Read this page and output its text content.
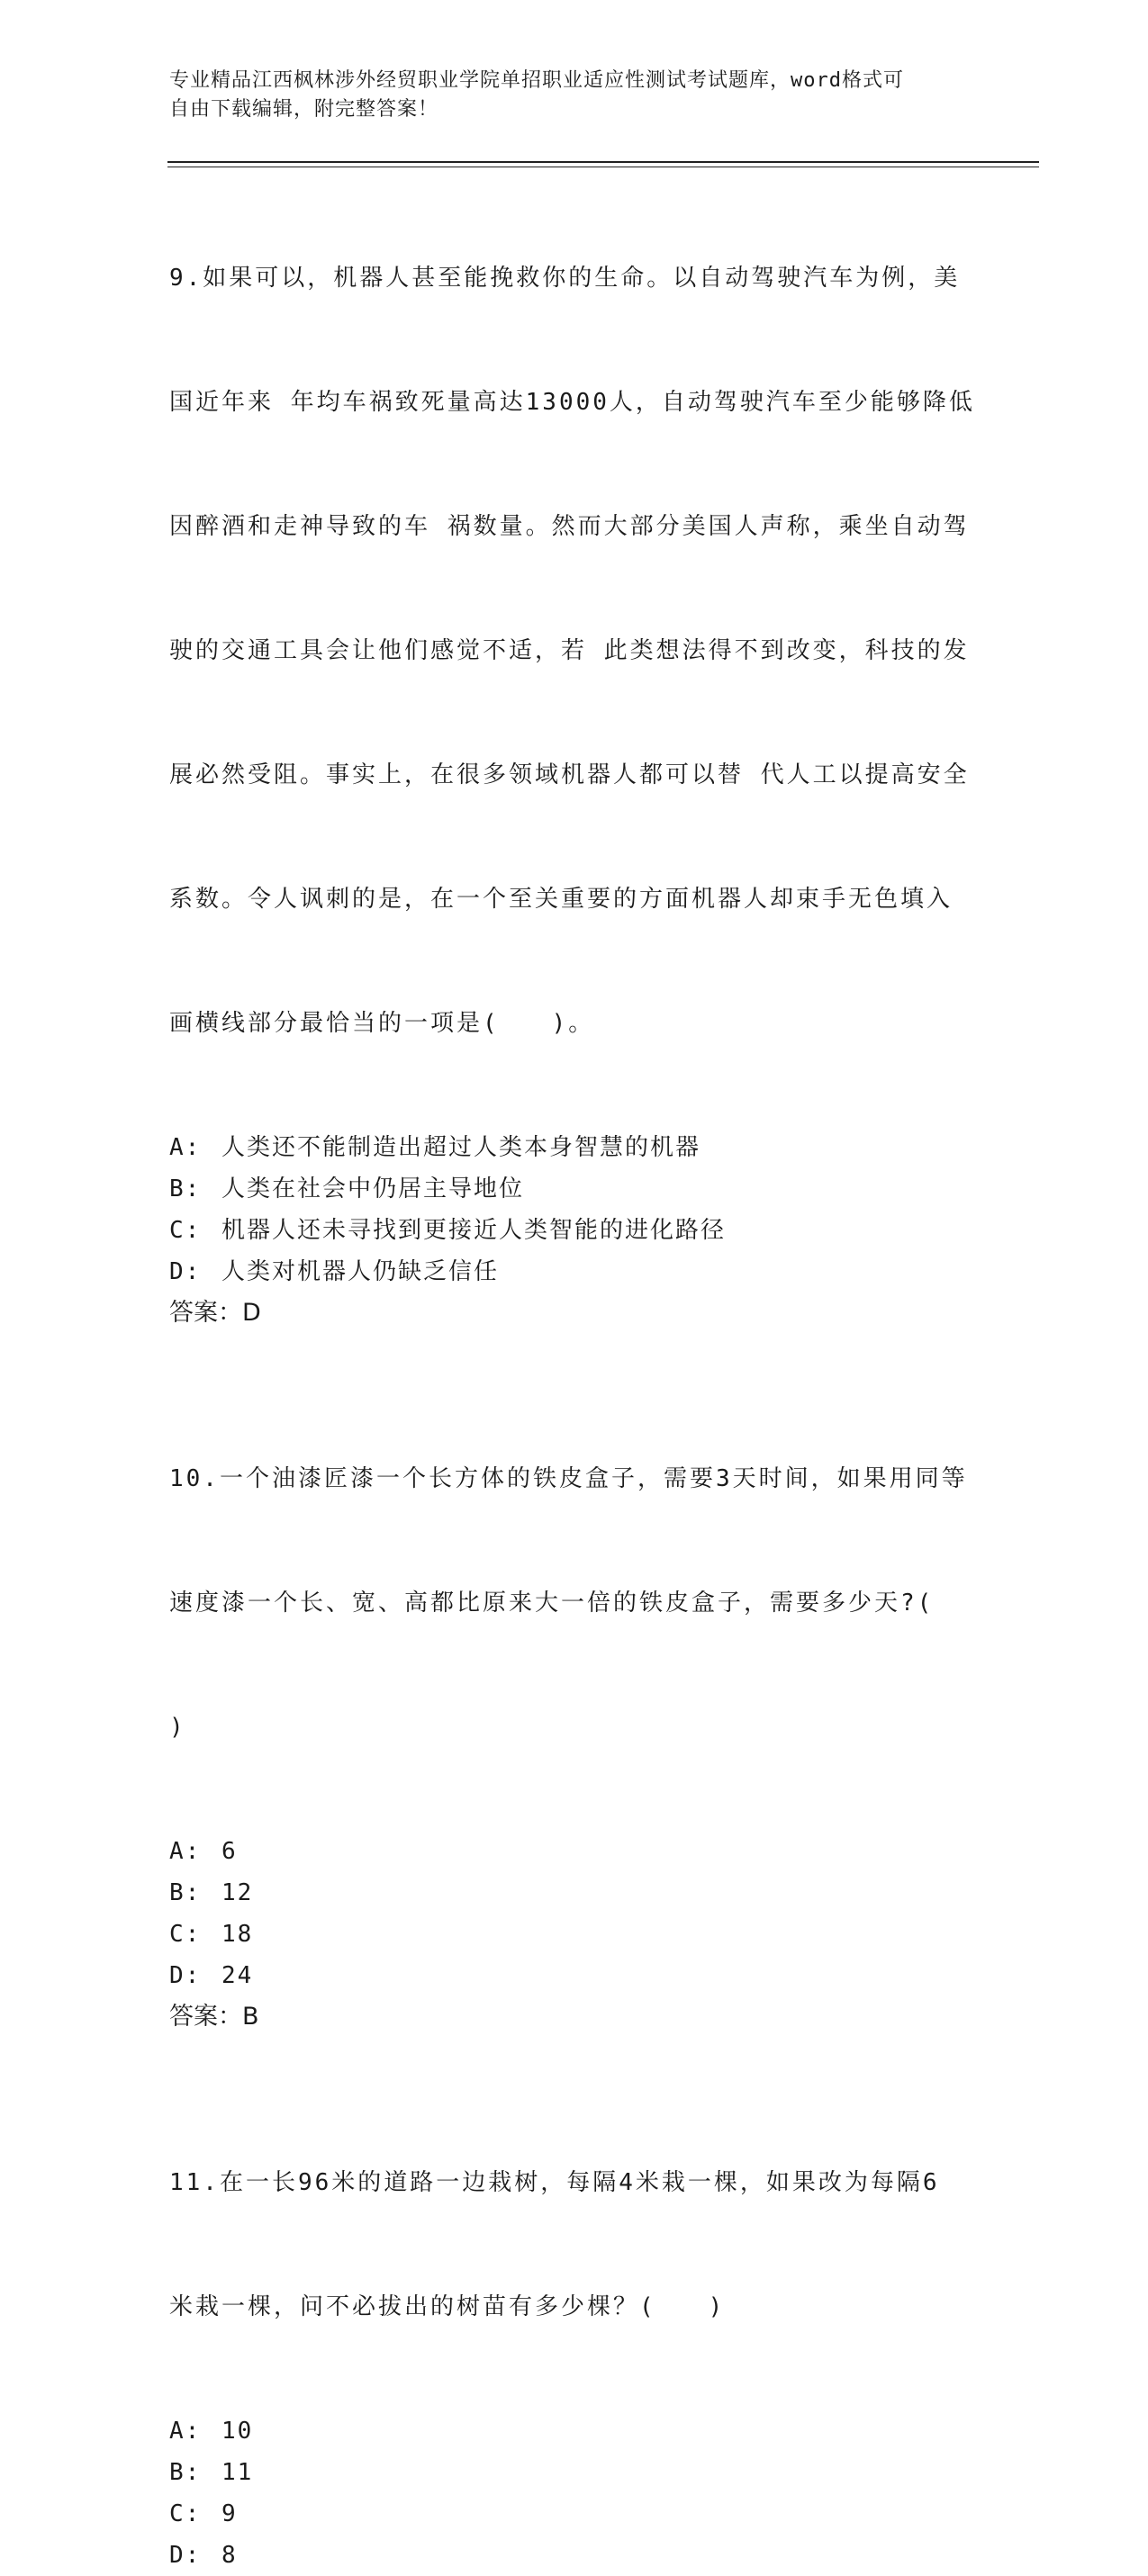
专业精品江西枫林涉外经贸职业学院单招职业适应性测试考试题库，word格式可
自由下载编辑，附完整答案！

9.如果可以，机器人甚至能挽救你的生命。以自动驾驶汽车为例，美

国近年来 年均车祸致死量高达13000人，自动驾驶汽车至少能够降低

因醉酒和走神导致的车 祸数量。然而大部分美国人声称，乘坐自动驾

驶的交通工具会让他们感觉不适，若 此类想法得不到改变，科技的发

展必然受阻。事实上，在很多领域机器人都可以替 代人工以提高安全

系数。令人讽刺的是，在一个至关重要的方面机器人却束手无色填入

画横线部分最恰当的一项是(　　)。

A: 人类还不能制造出超过人类本身智慧的机器
B: 人类在社会中仍居主导地位
C: 机器人还未寻找到更接近人类智能的进化路径
D: 人类对机器人仍缺乏信任
答案：D

10.一个油漆匠漆一个长方体的铁皮盒子，需要3天时间，如果用同等

速度漆一个长、宽、高都比原来大一倍的铁皮盒子，需要多少天?(

)

A: 6
B: 12
C: 18
D: 24
答案：B

11.在一长96米的道路一边栽树，每隔4米栽一棵，如果改为每隔6

米栽一棵，问不必拔出的树苗有多少棵？(　　)

A: 10
B: 11
C: 9
D: 8
